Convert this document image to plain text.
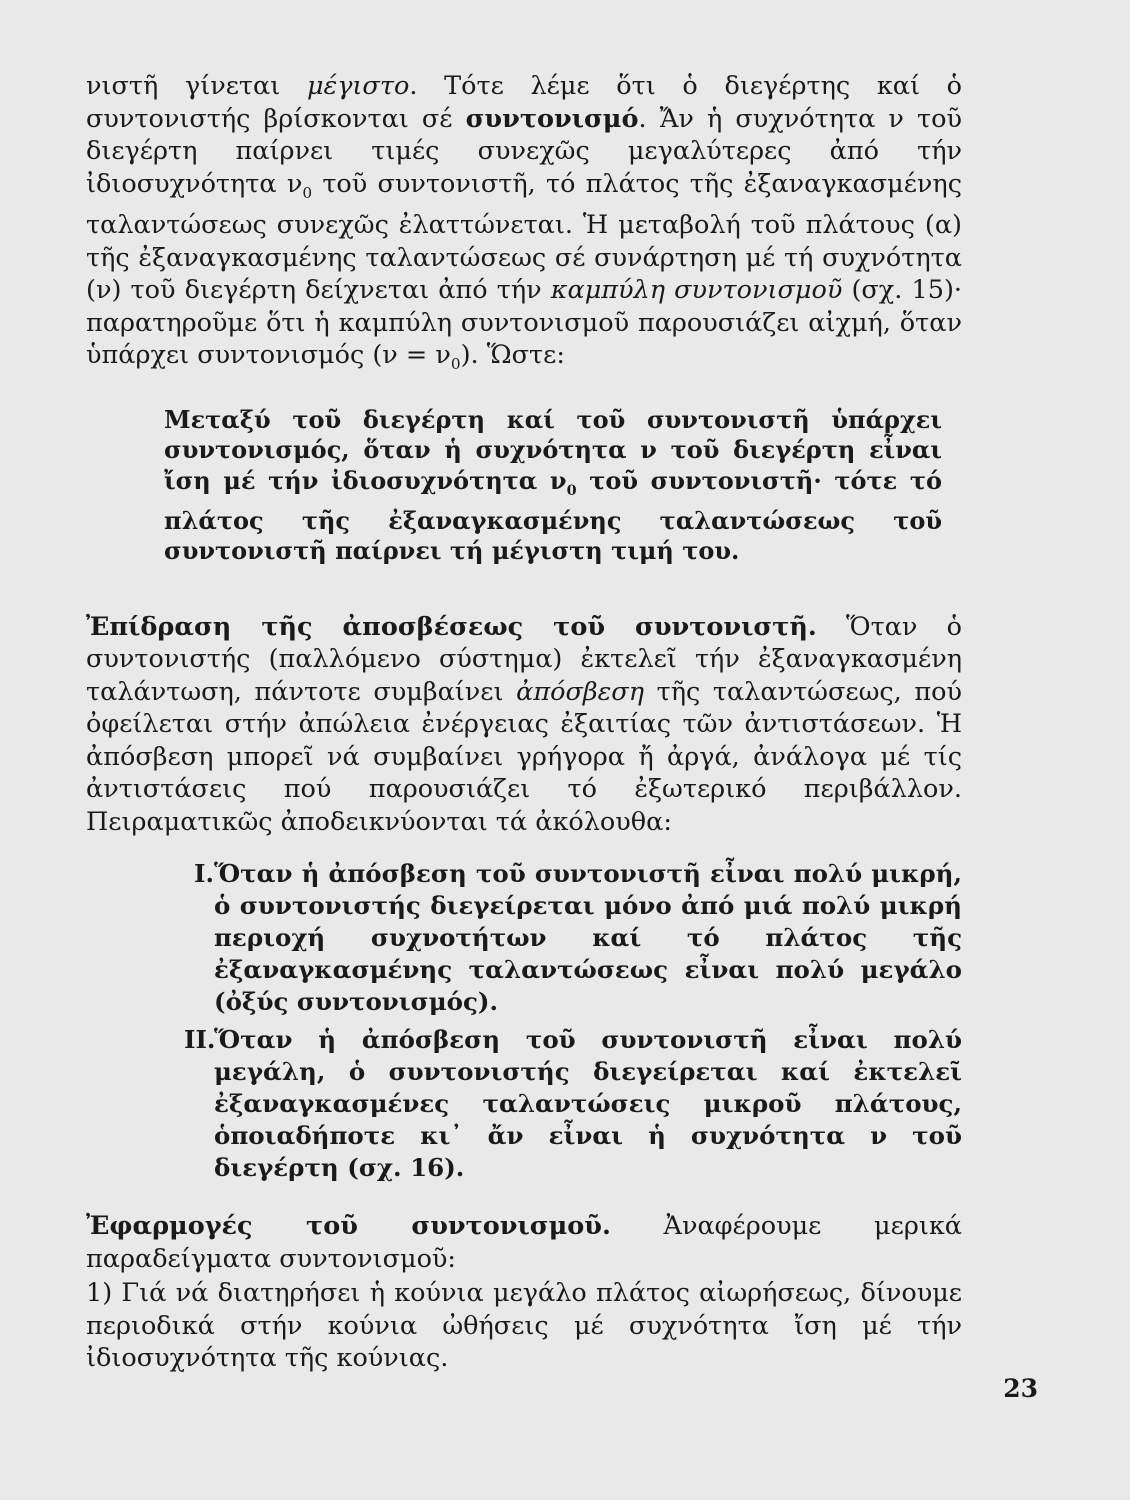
νιστῆ γίνεται μέγιστο. Τότε λέμε ὅτι ὁ διεγέρτης καί ὁ συντονιστής βρίσκονται σέ συντονισμό. Ἄν ἡ συχνότητα ν τοῦ διεγέρτη παίρνει τιμές συνεχῶς μεγαλύτερες ἀπό τήν ἰδιοσυχνότητα $\nu_0$ τοῦ συντονιστῆ, τό πλάτος τῆς ἐξαναγκασμένης ταλαντώσεως συνεχῶς ἐλαττώνεται. Ἡ μεταβολή τοῦ πλάτους (α) τῆς ἐξαναγκασμένης ταλαντώσεως σέ συνάρτηση μέ τή συχνότητα (ν) τοῦ διεγέρτη δείχνεται ἀπό τήν καμπύλη συντονισμοῦ (σχ. 15)· παρατηροῦμε ὅτι ἡ καμπύλη συντονισμοῦ παρουσιάζει αἰχμή, ὅταν ὑπάρχει συντονισμός $(\nu = \nu_0)$. Ὥστε:

Μεταξύ τοῦ διεγέρτη καί τοῦ συντονιστῆ ὑπάρχει συντονισμός, ὅταν ἡ συχνότητα ν τοῦ διεγέρτη εἶναι ἴση μέ τήν ἰδιοσυχνότητα $\nu_0$ τοῦ συντονιστῆ· τότε τό πλάτος τῆς ἐξαναγκασμένης ταλαντώσεως τοῦ συντονιστῆ παίρνει τή μέγιστη τιμή του.

Ἐπίδραση τῆς ἀποσβέσεως τοῦ συντονιστῆ. Ὅταν ὁ συντονιστής (παλλόμενο σύστημα) ἐκτελεῖ τήν ἐξαναγκασμένη ταλάντωση, πάντοτε συμβαίνει ἀπόσβεση τῆς ταλαντώσεως, πού ὀφείλεται στήν ἀπώλεια ἐνέργειας ἐξαιτίας τῶν ἀντιστάσεων. Ἡ ἀπόσβεση μπορεῖ νά συμβαίνει γρήγορα ἤ ἀργά, ἀνάλογα μέ τίς ἀντιστάσεις πού παρουσιάζει τό ἐξωτερικό περιβάλλον. Πειραματικῶς ἀποδεικνύονται τά ἀκόλουθα:

I. Ὅταν ἡ ἀπόσβεση τοῦ συντονιστῆ εἶναι πολύ μικρή, ὁ συντονιστής διεγείρεται μόνο ἀπό μιά πολύ μικρή περιοχή συχνοτήτων καί τό πλάτος τῆς ἐξαναγκασμένης ταλαντώσεως εἶναι πολύ μεγάλο (ὀξύς συντονισμός).

II.
Ὅταν ἡ ἀπόσβεση τοῦ συντονιστῆ εἶναι πολύ μεγάλη, ὁ συντονιστής διεγείρεται καί ἐκτελεῖ ἐξαναγκασμένες ταλαντώσεις μικροῦ πλάτους, ὁποιαδήποτε κι᾽ ἄν εἶναι ἡ συχνότητα ν τοῦ διεγέρτη (σχ. 16).

Ἐφαρμογές τοῦ συντονισμοῦ. Ἀναφέρουμε μερικά παραδείγματα συντονισμοῦ:

1) Γιά νά διατηρήσει ἡ κούνια μεγάλο πλάτος αἰωρήσεως, δίνουμε περιοδικά στήν κούνια ὠθήσεις μέ συχνότητα ἴση μέ τήν ἰδιοσυχνότητα τῆς κούνιας.

23
